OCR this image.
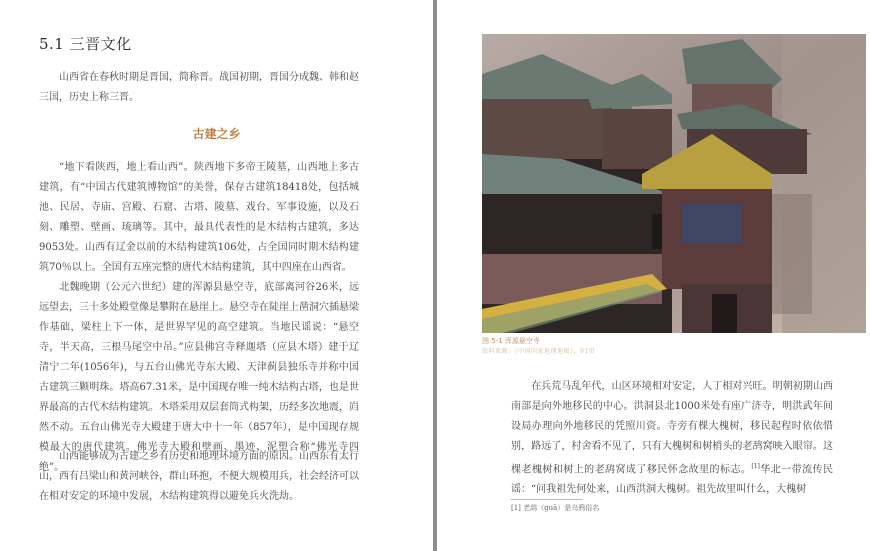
5.1 三晋文化
山西省在春秋时期是晋国，简称晋。战国初期，晋国分成魏、韩和赵三国，历史上称三晋。
古建之乡
“地下看陕西，地上看山西”。陕西地下多帝王陵墓，山西地上多古建筑，有“中国古代建筑博物馆”的美誉，保存古建筑18418处，包括城池、民居、寺庙、宫殿、石窟、古塔、陵墓、戏台、军事设施，以及石刻、雕塑、壁画、琉璃等。其中，最具代表性的是木结构古建筑，多达9053处。山西有辽金以前的木结构建筑106处，占全国同时期木结构建筑70％以上。全国有五座完整的唐代木结构建筑，其中四座在山西省。
北魏晚期（公元六世纪）建的浑源县悬空寺，底部离河谷26米，远远望去，三十多处殿堂像是攀附在悬崖上。悬空寺在陡崖上凿洞穴插悬梁作基础，梁柱上下一体，是世界罕见的高空建筑。当地民谣说：“悬空寺，半天高，三根马尾空中吊。”应县佛宫寺释迦塔（应县木塔）建于辽清宁二年(1056年)，与五台山佛光寺东大殿、天津蓟县独乐寺并称中国古建筑三颗明珠。塔高67.31米，是中国现存唯一纯木结构古塔，也是世界最高的古代木结构建筑。木塔采用双层套筒式构架，历经多次地震，岿然不动。五台山佛光寺大殿建于唐大中十一年（857年），是中国现存规模最大的唐代建筑。佛光寺大殿和壁画、墨迹、泥塑合称“佛光寺四绝”。
山西能够成为古建之乡有历史和地理环境方面的原因。山西东有太行山，西有吕梁山和黄河峡谷，群山环抱，不便大规模用兵，社会经济可以在相对安定的环境中发展，木结构建筑得以避免兵火洗劫。
图 5-1 浑源悬空寺
资料来源：《中国国家地理地图》，91页
在兵荒马乱年代，山区环境相对安定，人丁相对兴旺。明朝初期山西南部是向外地移民的中心。洪洞县北1000米处有座广济寺，明洪武年间设局办理向外地移民的凭照川资。寺旁有棵大槐树，移民起程时依依惜别，路远了，村舍看不见了，只有大槐树和树梢头的老鸹窝映入眼帘。这棵老槐树和树上的老鸹窝成了移民怀念故里的标志。[1]华北一带流传民谣：“问我祖先何处来，山西洪洞大槐树。祖先故里叫什么，大槐树
[1] 老鸹（guā）是乌鸦俗名
